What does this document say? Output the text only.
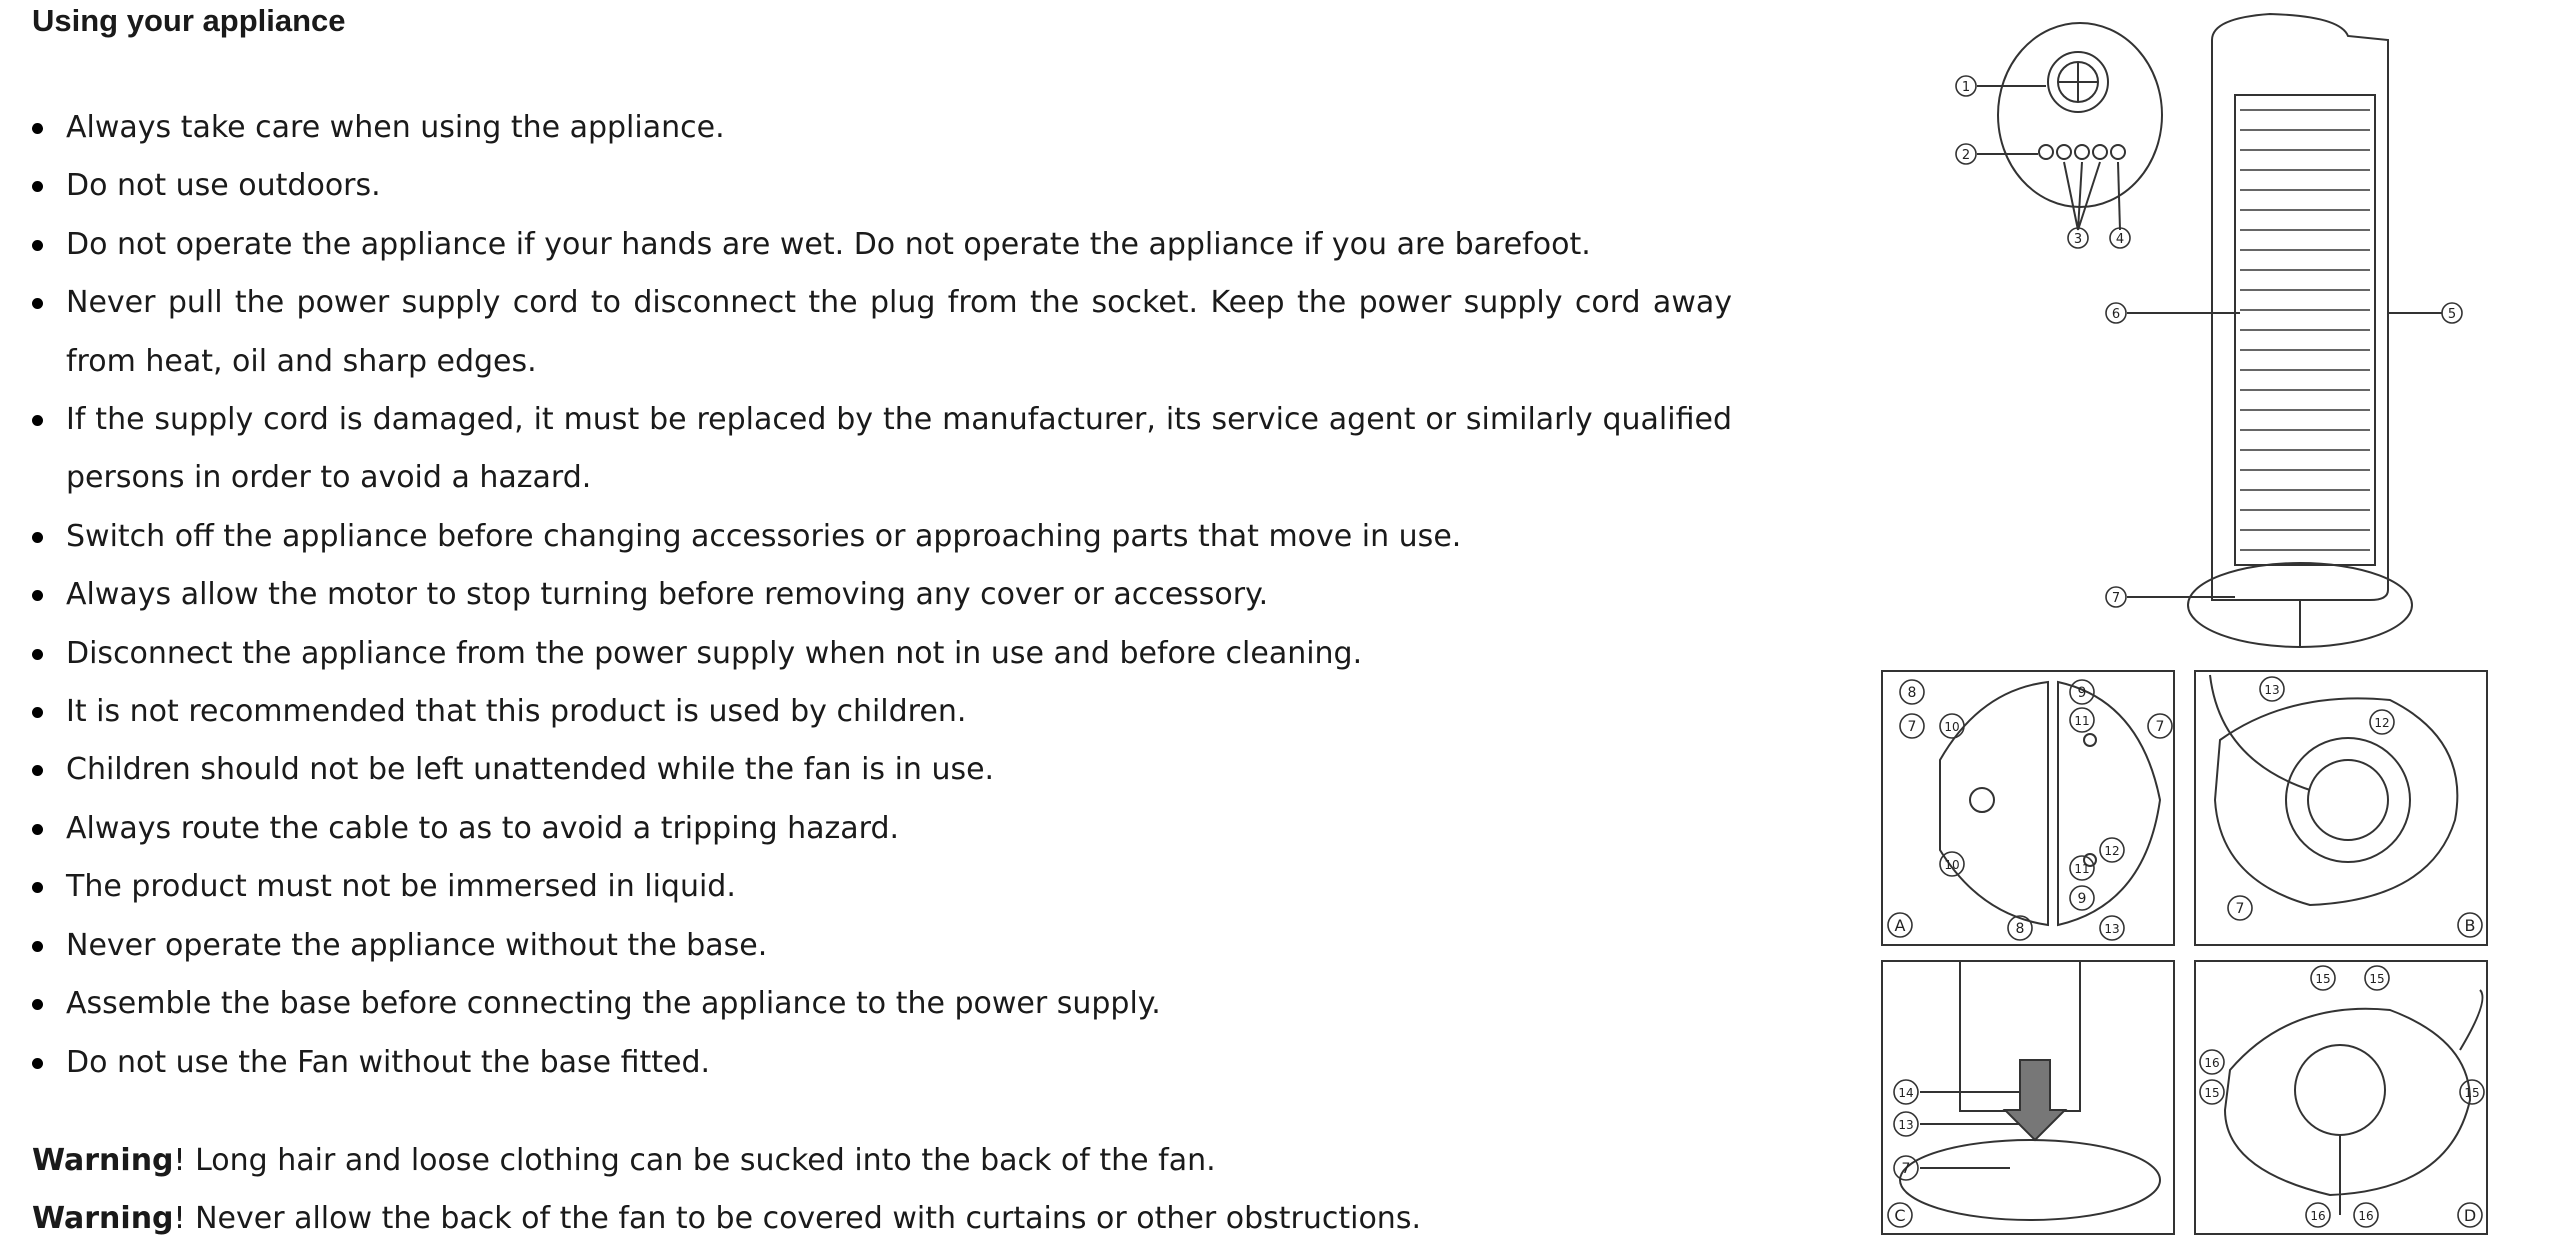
Using your appliance
Always take care when using the appliance.
Do not use outdoors.
Do not operate the appliance if your hands are wet. Do not operate the appliance if you are barefoot.
Never pull the power supply cord to disconnect the plug from the socket. Keep the power supply cord away from heat, oil and sharp edges.
If the supply cord is damaged, it must be replaced by the manufacturer, its service agent or similarly qualified persons in order to avoid a hazard.
Switch off the appliance before changing accessories or approaching parts that move in use.
Always allow the motor to stop turning before removing any cover or accessory.
Disconnect the appliance from the power supply when not in use and before cleaning.
It is not recommended that this product is used by children.
Children should not be left unattended while the fan is in use.
Always route the cable to as to avoid a tripping hazard.
The product must not be immersed in liquid.
Never operate the appliance without the base.
Assemble the base before connecting the appliance to the power supply.
Do not use the Fan without the base fitted.

Warning! Long hair and loose clothing can be sucked into the back of the fan.

Warning! Never allow the back of the fan to be covered with curtains or other obstructions.

1
2
3	4
6	5
7
8
7 10
9
11	7
10	11
12
9
8	13
13
12
7
14
13
7
15	15
16
15	15
16	16
A	B
C	D
